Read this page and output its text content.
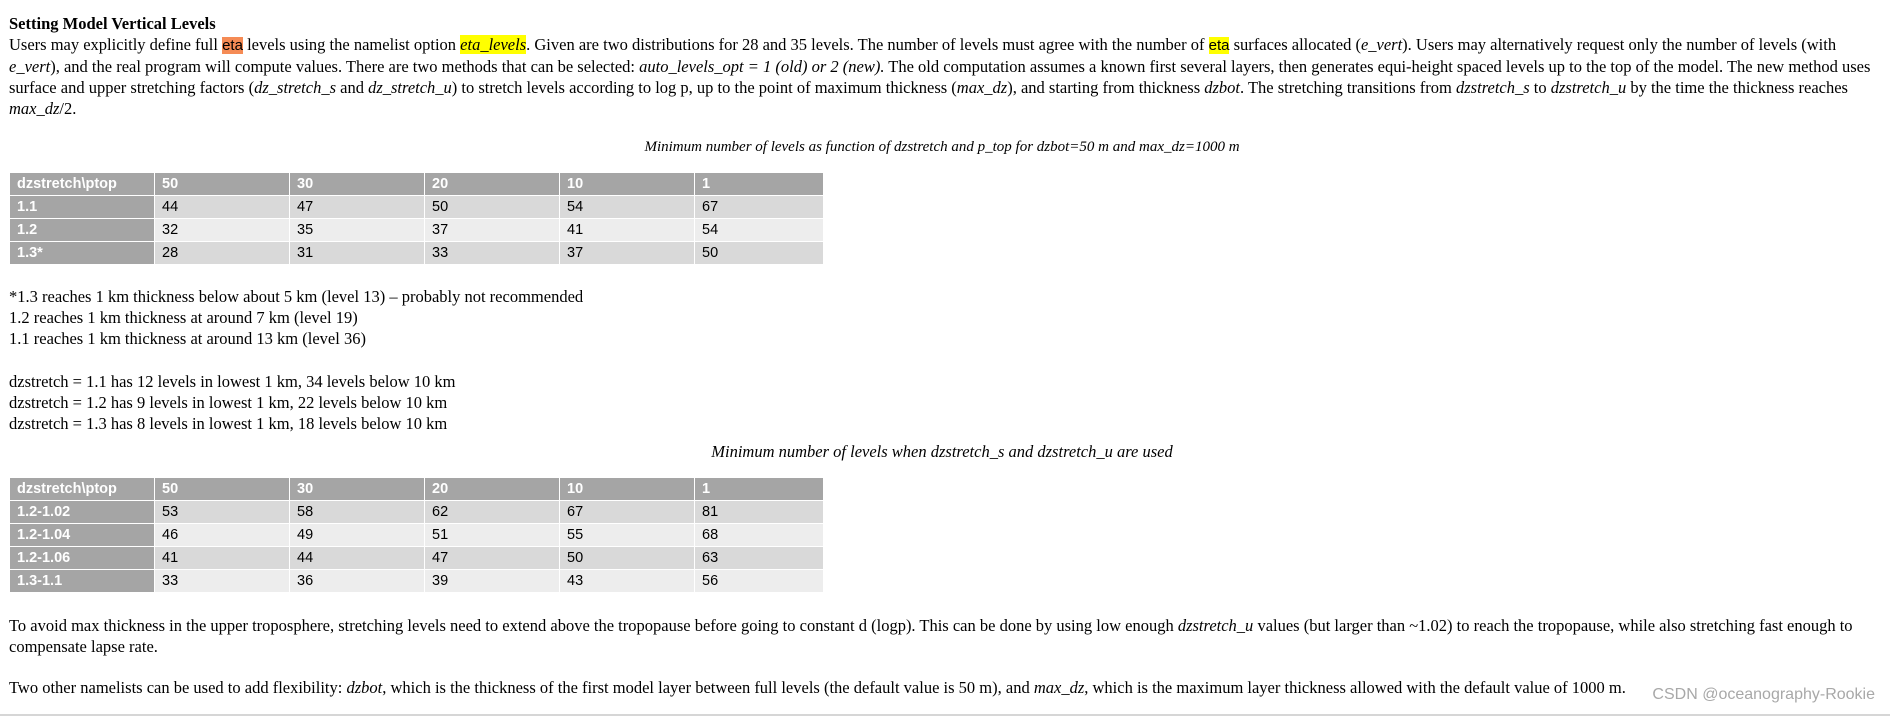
Setting Model Vertical Levels
Users may explicitly define full eta levels using the namelist option eta_levels. Given are two distributions for 28 and 35 levels. The number of levels must agree with the number of eta surfaces allocated (e_vert). Users may alternatively request only the number of levels (with e_vert), and the real program will compute values. There are two methods that can be selected: auto_levels_opt = 1 (old) or 2 (new). The old computation assumes a known first several layers, then generates equi-height spaced levels up to the top of the model. The new method uses surface and upper stretching factors (dz_stretch_s and dz_stretch_u) to stretch levels according to log p, up to the point of maximum thickness (max_dz), and starting from thickness dzbot. The stretching transitions from dzstretch_s to dzstretch_u by the time the thickness reaches max_dz/2.

Minimum number of levels as function of dzstretch and p_top for dzbot=50 m and max_dz=1000 m

dzstretch\ptop	50	30	20	10	1
1.1	44	47	50	54	67
1.2	32	35	37	41	54
1.3*	28	31	33	37	50
*1.3 reaches 1 km thickness below about 5 km (level 13) – probably not recommended
1.2 reaches 1 km thickness at around 7 km (level 19)
1.1 reaches 1 km thickness at around 13 km (level 36)
dzstretch = 1.1 has 12 levels in lowest 1 km, 34 levels below 10 km
dzstretch = 1.2 has 9 levels in lowest 1 km, 22 levels below 10 km
dzstretch = 1.3 has 8 levels in lowest 1 km, 18 levels below 10 km

Minimum number of levels when dzstretch_s and dzstretch_u are used

dzstretch\ptop	50	30	20	10	1
1.2-1.02	53	58	62	67	81
1.2-1.04	46	49	51	55	68
1.2-1.06	41	44	47	50	63
1.3-1.1	33	36	39	43	56
To avoid max thickness in the upper troposphere, stretching levels need to extend above the tropopause before going to constant d (logp). This can be done by using low enough dzstretch_u values (but larger than ~1.02) to reach the tropopause, while also stretching fast enough to compensate lapse rate.
Two other namelists can be used to add flexibility: dzbot, which is the thickness of the first model layer between full levels (the default value is 50 m), and max_dz, which is the maximum layer thickness allowed with the default value of 1000 m.	CSDN @oceanography-Rookie
